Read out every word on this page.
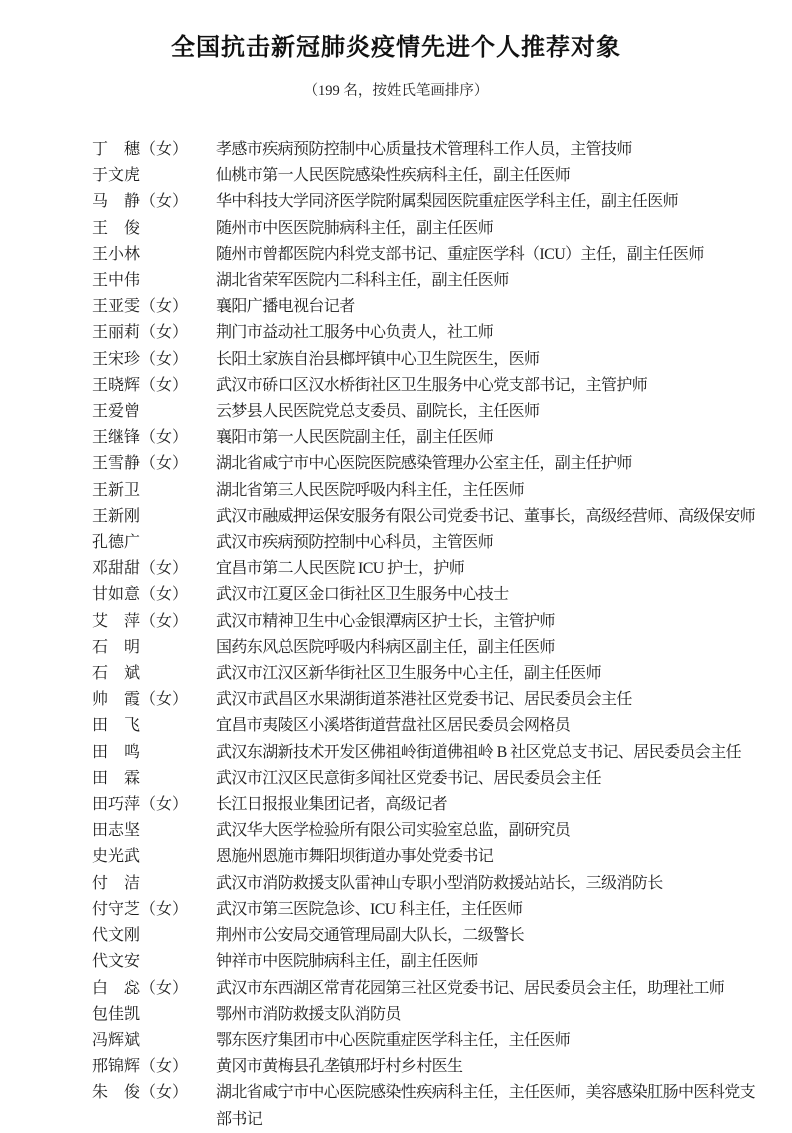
全国抗击新冠肺炎疫情先进个人推荐对象
（199 名，按姓氏笔画排序）
丁　穗（女）	孝感市疾病预防控制中心质量技术管理科工作人员，主管技师
于文虎	仙桃市第一人民医院感染性疾病科主任，副主任医师
马　静（女）	华中科技大学同济医学院附属梨园医院重症医学科主任，副主任医师
王　俊	随州市中医医院肺病科主任，副主任医师
王小林	随州市曾都医院内科党支部书记、重症医学科（ICU）主任，副主任医师
王中伟	湖北省荣军医院内二科科主任，副主任医师
王亚雯（女）	襄阳广播电视台记者
王丽莉（女）	荆门市益动社工服务中心负责人，社工师
王宋珍（女）	长阳土家族自治县榔坪镇中心卫生院医生，医师
王晓辉（女）	武汉市硚口区汉水桥街社区卫生服务中心党支部书记，主管护师
王爱曾	云梦县人民医院党总支委员、副院长，主任医师
王继锋（女）	襄阳市第一人民医院副主任，副主任医师
王雪静（女）	湖北省咸宁市中心医院医院感染管理办公室主任，副主任护师
王新卫	湖北省第三人民医院呼吸内科主任，主任医师
王新刚	武汉市融威押运保安服务有限公司党委书记、董事长，高级经营师、高级保安师
孔德广	武汉市疾病预防控制中心科员，主管医师
邓甜甜（女）	宜昌市第二人民医院 ICU 护士，护师
甘如意（女）	武汉市江夏区金口街社区卫生服务中心技士
艾　萍（女）	武汉市精神卫生中心金银潭病区护士长，主管护师
石　明	国药东风总医院呼吸内科病区副主任，副主任医师
石　斌	武汉市江汉区新华街社区卫生服务中心主任，副主任医师
帅　霞（女）	武汉市武昌区水果湖街道茶港社区党委书记、居民委员会主任
田　飞	宜昌市夷陵区小溪塔街道营盘社区居民委员会网格员
田　鸣	武汉东湖新技术开发区佛祖岭街道佛祖岭 B 社区党总支书记、居民委员会主任
田　霖	武汉市江汉区民意街多闻社区党委书记、居民委员会主任
田巧萍（女）	长江日报报业集团记者，高级记者
田志坚	武汉华大医学检验所有限公司实验室总监，副研究员
史光武	恩施州恩施市舞阳坝街道办事处党委书记
付　洁	武汉市消防救援支队雷神山专职小型消防救援站站长，三级消防长
付守芝（女）	武汉市第三医院急诊、ICU 科主任，主任医师
代文刚	荆州市公安局交通管理局副大队长，二级警长
代文安	钟祥市中医院肺病科主任，副主任医师
白　惢（女）	武汉市东西湖区常青花园第三社区党委书记、居民委员会主任，助理社工师
包佳凯	鄂州市消防救援支队消防员
冯辉斌	鄂东医疗集团市中心医院重症医学科主任，主任医师
邢锦辉（女）	黄冈市黄梅县孔垄镇邢圩村乡村医生
朱　俊（女）	湖北省咸宁市中心医院感染性疾病科主任，主任医师，美容感染肛肠中医科党支部书记
